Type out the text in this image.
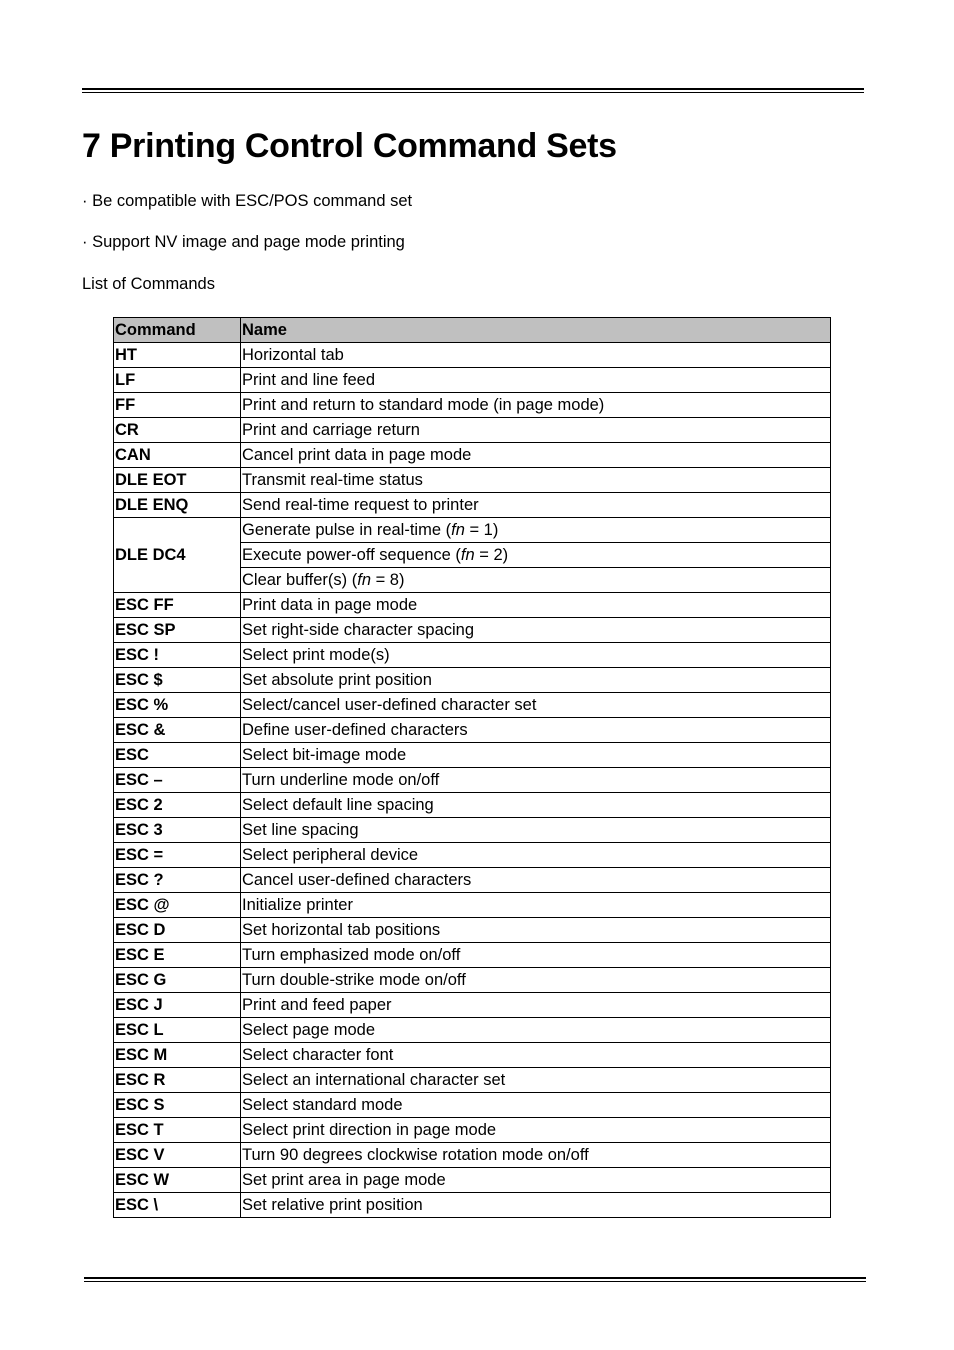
7 Printing Control Command Sets
· Be compatible with ESC/POS command set
· Support NV image and page mode printing
List of Commands
Command	Name
HT	Horizontal tab
LF	Print and line feed
FF	Print and return to standard mode (in page mode)
CR	Print and carriage return
CAN	Cancel print data in page mode
DLE EOT	Transmit real-time status
DLE ENQ	Send real-time request to printer
DLE DC4	Generate pulse in real-time (fn = 1)
	Execute power-off sequence (fn = 2)
	Clear buffer(s) (fn = 8)
ESC FF	Print data in page mode
ESC SP	Set right-side character spacing
ESC !	Select print mode(s)
ESC $	Set absolute print position
ESC %	Select/cancel user-defined character set
ESC &	Define user-defined characters
ESC	Select bit-image mode
ESC –	Turn underline mode on/off
ESC 2	Select default line spacing
ESC 3	Set line spacing
ESC =	Select peripheral device
ESC ?	Cancel user-defined characters
ESC @	Initialize printer
ESC D	Set horizontal tab positions
ESC E	Turn emphasized mode on/off
ESC G	Turn double-strike mode on/off
ESC J	Print and feed paper
ESC L	Select page mode
ESC M	Select character font
ESC R	Select an international character set
ESC S	Select standard mode
ESC T	Select print direction in page mode
ESC V	Turn 90 degrees clockwise rotation mode on/off
ESC W	Set print area in page mode
ESC \	Set relative print position
